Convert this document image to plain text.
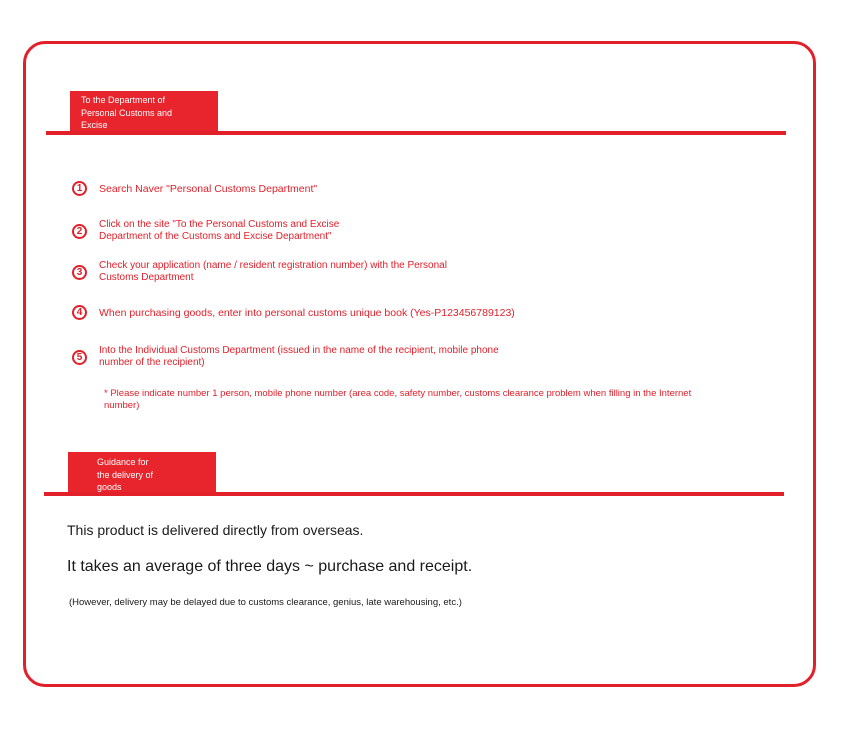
To the Department of
Personal Customs and
Excise
1	Search Naver "Personal Customs Department"
2
Click on the site "To the Personal Customs and Excise
Department of the Customs and Excise Department"
3
Check your application (name / resident registration number) with the Personal
Customs Department
4	When purchasing goods, enter into personal customs unique book (Yes-P123456789123)
5
Into the Individual Customs Department (issued in the name of the recipient, mobile phone
number of the recipient)
* Please indicate number 1 person, mobile phone number (area code, safety number, customs clearance problem when filling in the Internet number)
Guidance for
the delivery of
goods
This product is delivered directly from overseas.
It takes an average of three days ~ purchase and receipt.
(However, delivery may be delayed due to customs clearance, genius, late warehousing, etc.)
